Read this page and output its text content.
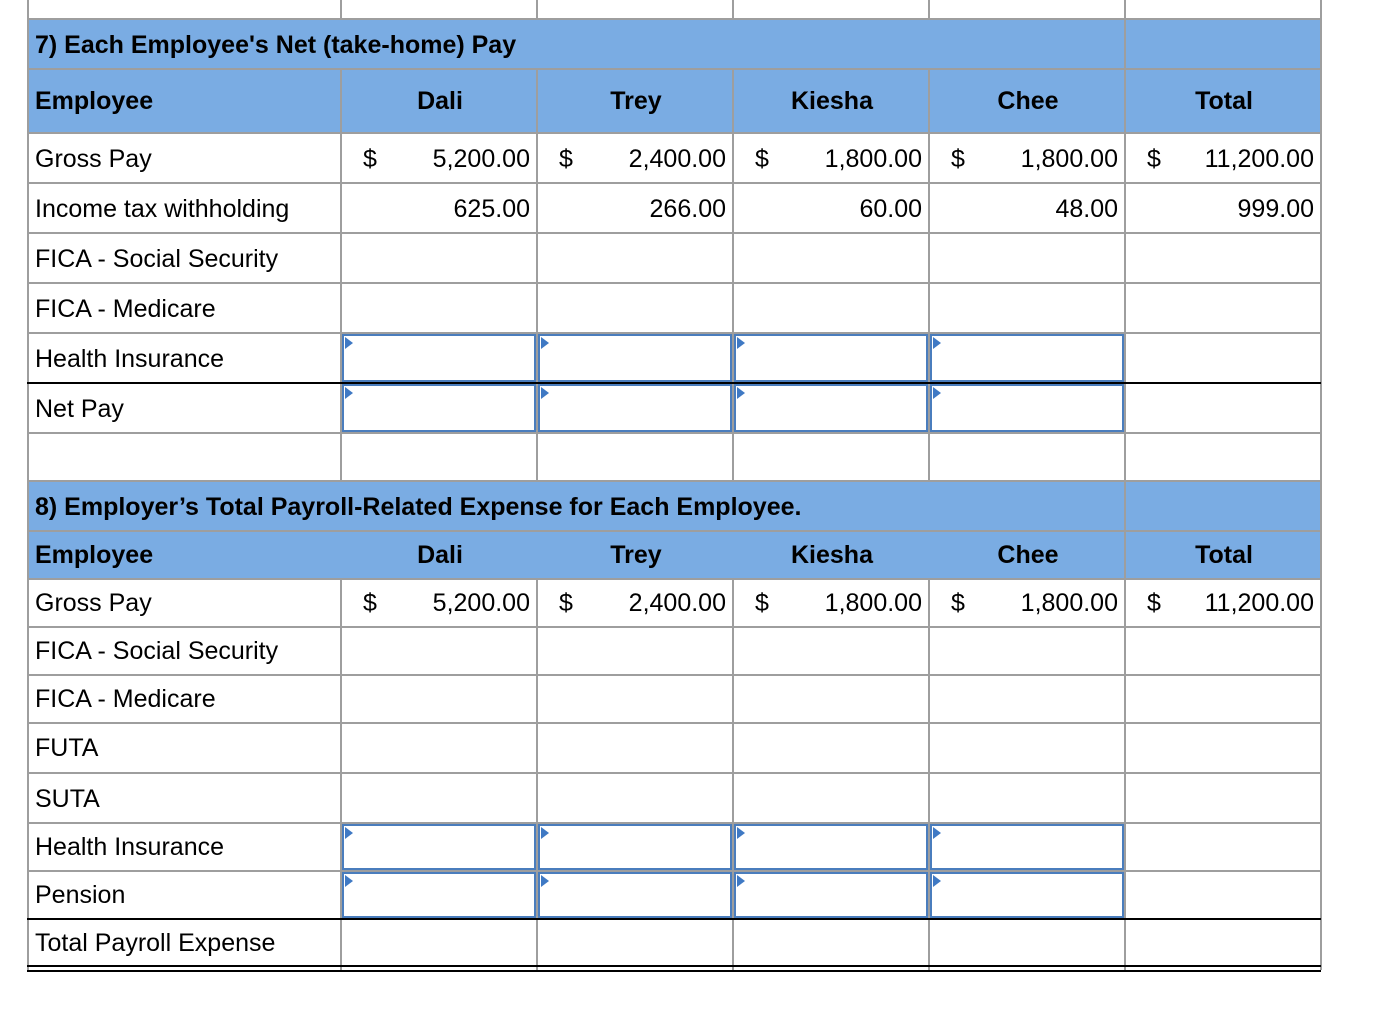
7) Each Employee's Net (take-home) Pay
Employee	Dali	Trey	Kiesha	Chee	Total
Gross Pay	$	5,200.00 $	2,400.00 $	1,800.00 $	1,800.00 $	11,200.00
Income tax withholding	625.00	266.00	60.00	48.00	999.00
FICA - Social Security
FICA - Medicare
Health Insurance
Net Pay
8) Employer’s Total Payroll-Related Expense for Each Employee.
Employee	Dali	Trey	Kiesha	Chee	Total
Gross Pay	$	5,200.00 $	2,400.00 $	1,800.00 $	1,800.00 $	11,200.00
FICA - Social Security
FICA - Medicare
FUTA
SUTA
Health Insurance
Pension
Total Payroll Expense
